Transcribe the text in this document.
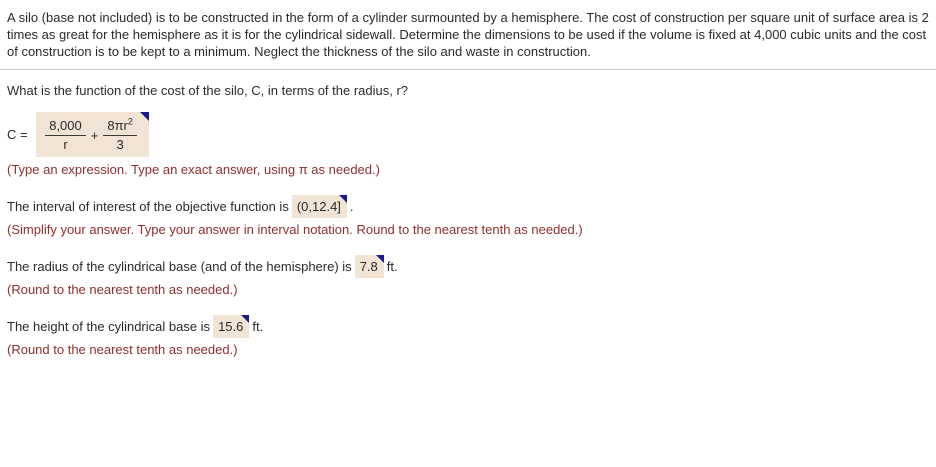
A silo (base not included) is to be constructed in the form of a cylinder surmounted by a hemisphere. The cost of construction per square unit of surface area is 2 times as great for the hemisphere as it is for the cylindrical sidewall. Determine the dimensions to be used if the volume is fixed at 4,000 cubic units and the cost of construction is to be kept to a minimum. Neglect the thickness of the silo and waste in construction.

What is the function of the cost of the silo, C, in terms of the radius, r?

$C = \frac{8,000}{r} + \frac{8\pi r^2}{3}$

(Type an expression. Type an exact answer, using π as needed.)

The interval of interest of the objective function is (0,12.4] .

(Simplify your answer. Type your answer in interval notation. Round to the nearest tenth as needed.)

The radius of the cylindrical base (and of the hemisphere) is 7.8 ft.

(Round to the nearest tenth as needed.)

The height of the cylindrical base is 15.6 ft.

(Round to the nearest tenth as needed.)
